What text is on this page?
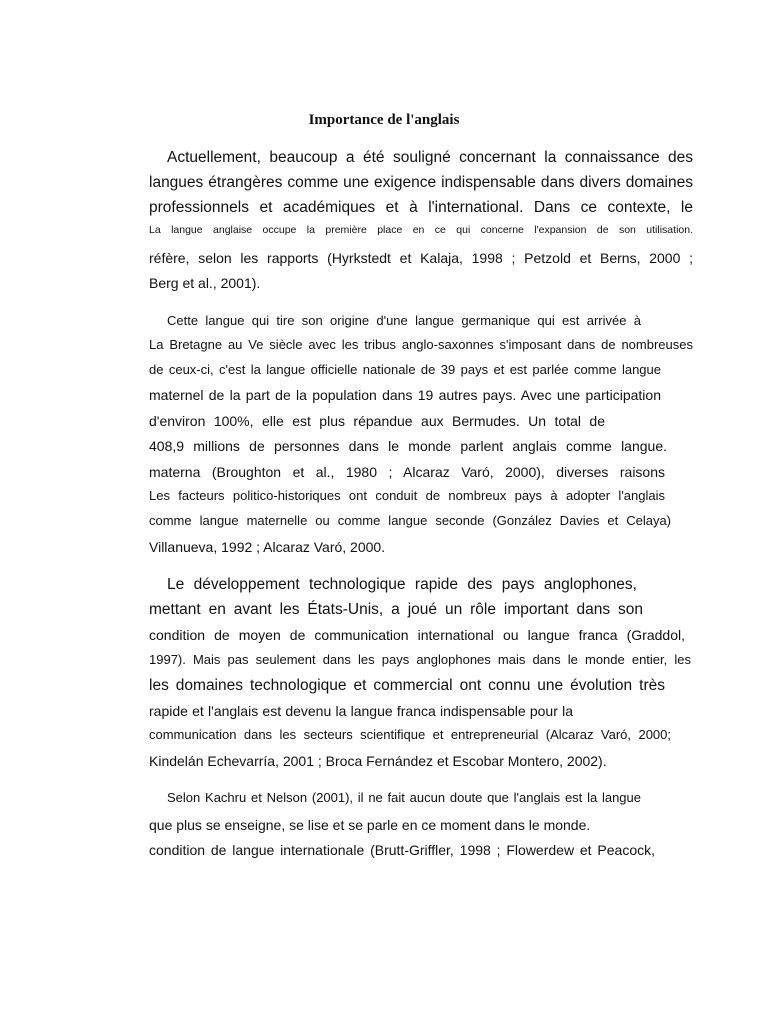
Importance de l'anglais
Actuellement, beaucoup a été souligné concernant la connaissance des
langues étrangères comme une exigence indispensable dans divers domaines
professionnels et académiques et à l'international. Dans ce contexte, le
La langue anglaise occupe la première place en ce qui concerne l'expansion de son utilisation.
réfère, selon les rapports (Hyrkstedt et Kalaja, 1998 ; Petzold et Berns, 2000 ;
Berg et al., 2001).
Cette langue qui tire son origine d'une langue germanique qui est arrivée à
La Bretagne au Ve siècle avec les tribus anglo-saxonnes s'imposant dans de nombreuses
de ceux-ci, c'est la langue officielle nationale de 39 pays et est parlée comme langue
maternel de la part de la population dans 19 autres pays. Avec une participation
d'environ 100%, elle est plus répandue aux Bermudes. Un total de
408,9 millions de personnes dans le monde parlent anglais comme langue.
materna (Broughton et al., 1980 ; Alcaraz Varó, 2000), diverses raisons
Les facteurs politico-historiques ont conduit de nombreux pays à adopter l'anglais
comme langue maternelle ou comme langue seconde (González Davies et Celaya)
Villanueva, 1992 ; Alcaraz Varó, 2000.
Le développement technologique rapide des pays anglophones,
mettant en avant les États-Unis, a joué un rôle important dans son
condition de moyen de communication international ou langue franca (Graddol,
1997). Mais pas seulement dans les pays anglophones mais dans le monde entier, les
les domaines technologique et commercial ont connu une évolution très
rapide et l'anglais est devenu la langue franca indispensable pour la
communication dans les secteurs scientifique et entrepreneurial (Alcaraz Varó, 2000;
Kindelán Echevarría, 2001 ; Broca Fernández et Escobar Montero, 2002).
Selon Kachru et Nelson (2001), il ne fait aucun doute que l'anglais est la langue
que plus se enseigne, se lise et se parle en ce moment dans le monde.
condition de langue internationale (Brutt-Griffler, 1998 ; Flowerdew et Peacock,
